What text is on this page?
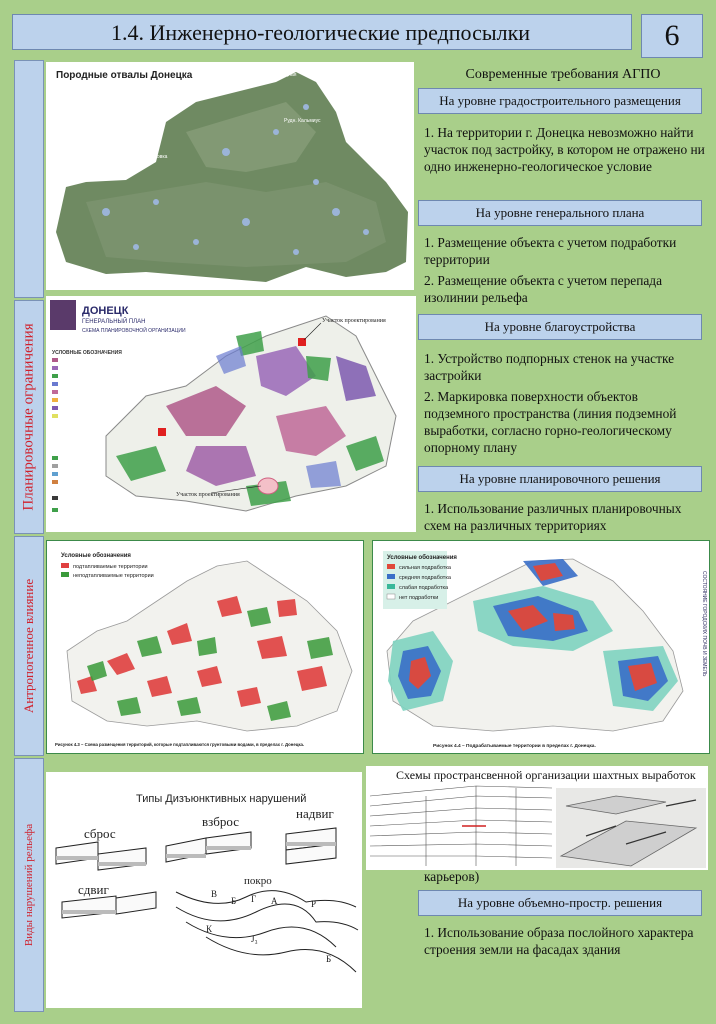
1.4. Инженерно-геологические предпосылки	6
Планировочные ограничения
Антропогенное влияние
Виды нарушений рельефа
Породные отвалы Донецка	Западная
Чулковка
Рудн. Кальмиус
Современные требования АГПО
На уровне градостроительного размещения
1. На территории г. Донецка невозможно найти участок под застройку, в котором не отражено ни одно инженерно-геологическое условие
На уровне генерального плана
1. Размещение объекта с учетом подработки территории
2. Размещение объекта с учетом перепада изолинии рельефа
На уровне благоустройства
1. Устройство подпорных стенок на участке застройки
2. Маркировка поверхности объектов подземного пространства (линия подземной выработки, согласно горно-геологическому опорному плану
На уровне планировочного решения
1. Использование различных планировочных схем на различных территориях
ДОНЕЦК
ГЕНЕРАЛЬНЫЙ ПЛАН
СХЕМА ПЛАНИРОВОЧНОЙ ОРГАНИЗАЦИИ
УСЛОВНЫЕ ОБОЗНАЧЕНИЯ
Участок проектирования
Участок проектирования
Условные обозначения
подтапливаемые территории
неподтапливаемые территории
Рисунок 4.3 – Схема размещения территорий, которые подтапливаются грунтовыми водами, в пределах г. Донецка.
Условные обозначения
сильная подработка
средняя подработка
слабая подработка
нет подработки
Рисунок 4.4 – Подрабатываемые территории в пределах г. Донецка.
СОСТОЯНИЕ ГОРОДСКИХ ПОЧВ И ЗЕМЕЛЬ
Типы Дизъюнктивных нарушений
сброс
взброс
надвиг
сдвиг
покро
В
Б Г А	Р
К
J₃
Б
Схемы пространсвенной организации шахтных выработок
карьеров)
На уровне объемно-простр. решения
1. Использование образа послойного характера строения земли на фасадах здания
